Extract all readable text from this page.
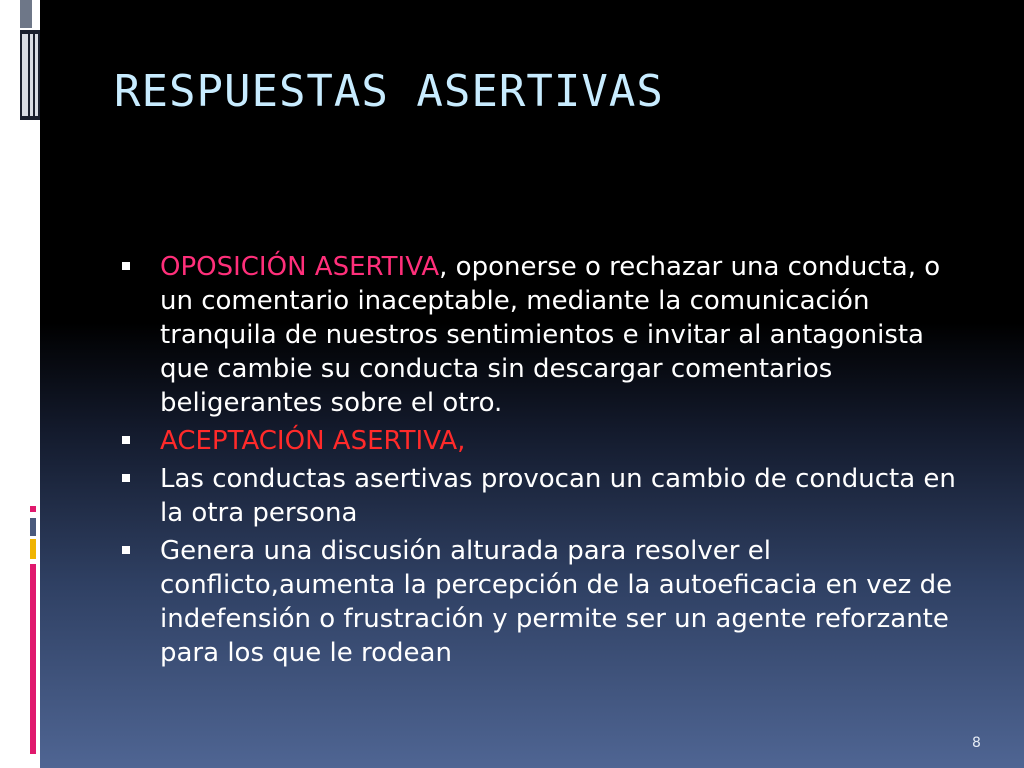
RESPUESTAS ASERTIVAS
OPOSICIÓN ASERTIVA, oponerse o rechazar una conducta, o un comentario inaceptable, mediante la comunicación tranquila de nuestros sentimientos e invitar al antagonista que cambie su conducta sin descargar comentarios beligerantes sobre el otro.
ACEPTACIÓN ASERTIVA,
Las conductas asertivas provocan un cambio de conducta en la otra persona
Genera una discusión alturada para resolver el conflicto,aumenta la percepción de la autoeficacia en vez de indefensión o frustración y permite ser un agente reforzante para los que le rodean
8
